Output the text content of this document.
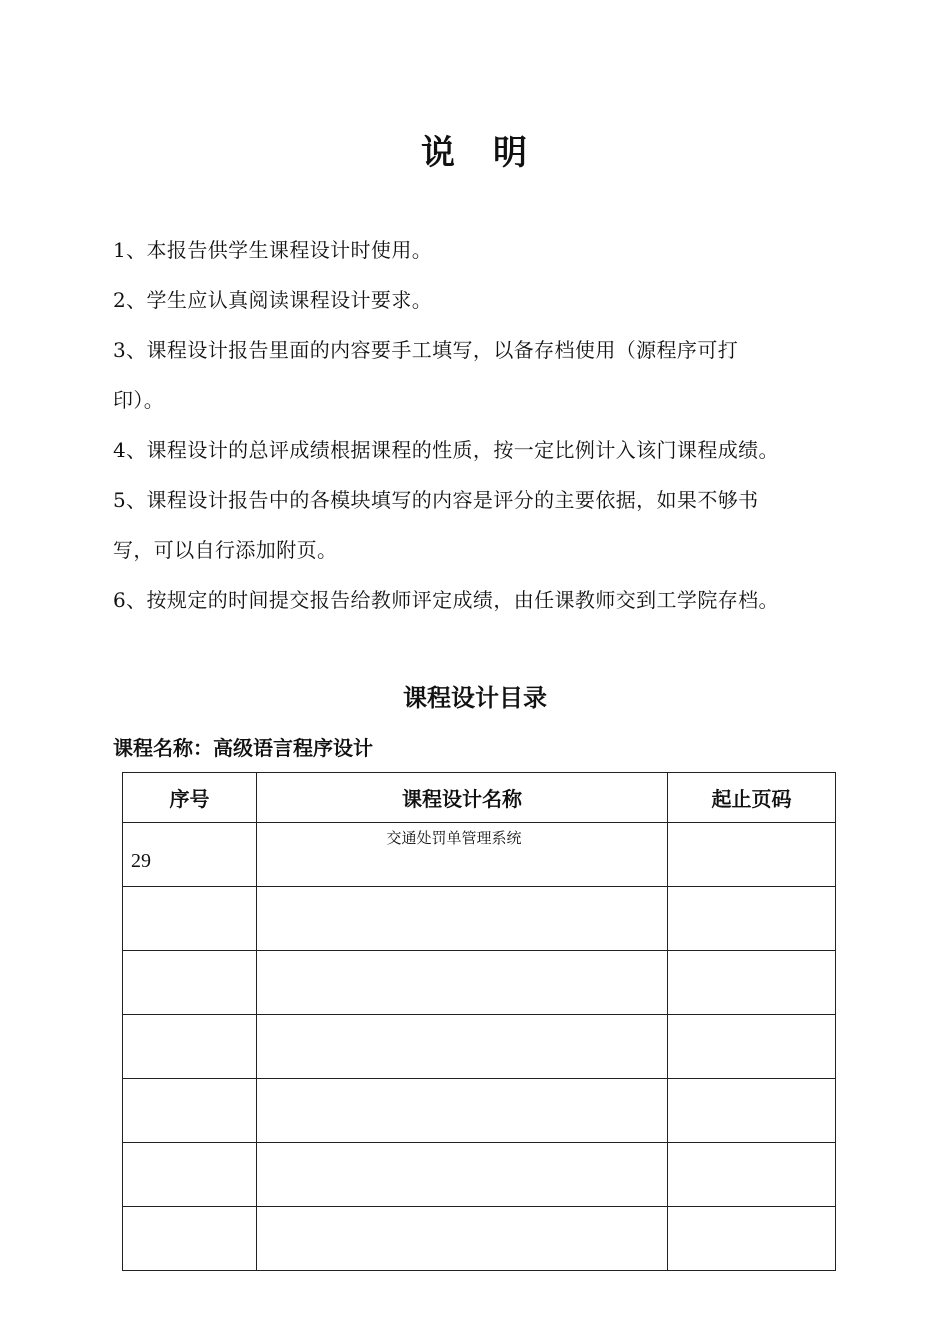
说 明
1、本报告供学生课程设计时使用。
2、学生应认真阅读课程设计要求。
3、课程设计报告里面的内容要手工填写，以备存档使用（源程序可打
印）。
4、课程设计的总评成绩根据课程的性质，按一定比例计入该门课程成绩。
5、课程设计报告中的各模块填写的内容是评分的主要依据，如果不够书
写，可以自行添加附页。
6、按规定的时间提交报告给教师评定成绩，由任课教师交到工学院存档。
课程设计目录
课程名称：高级语言程序设计
序号	课程设计名称	起止页码
29	交通处罚单管理系统	
